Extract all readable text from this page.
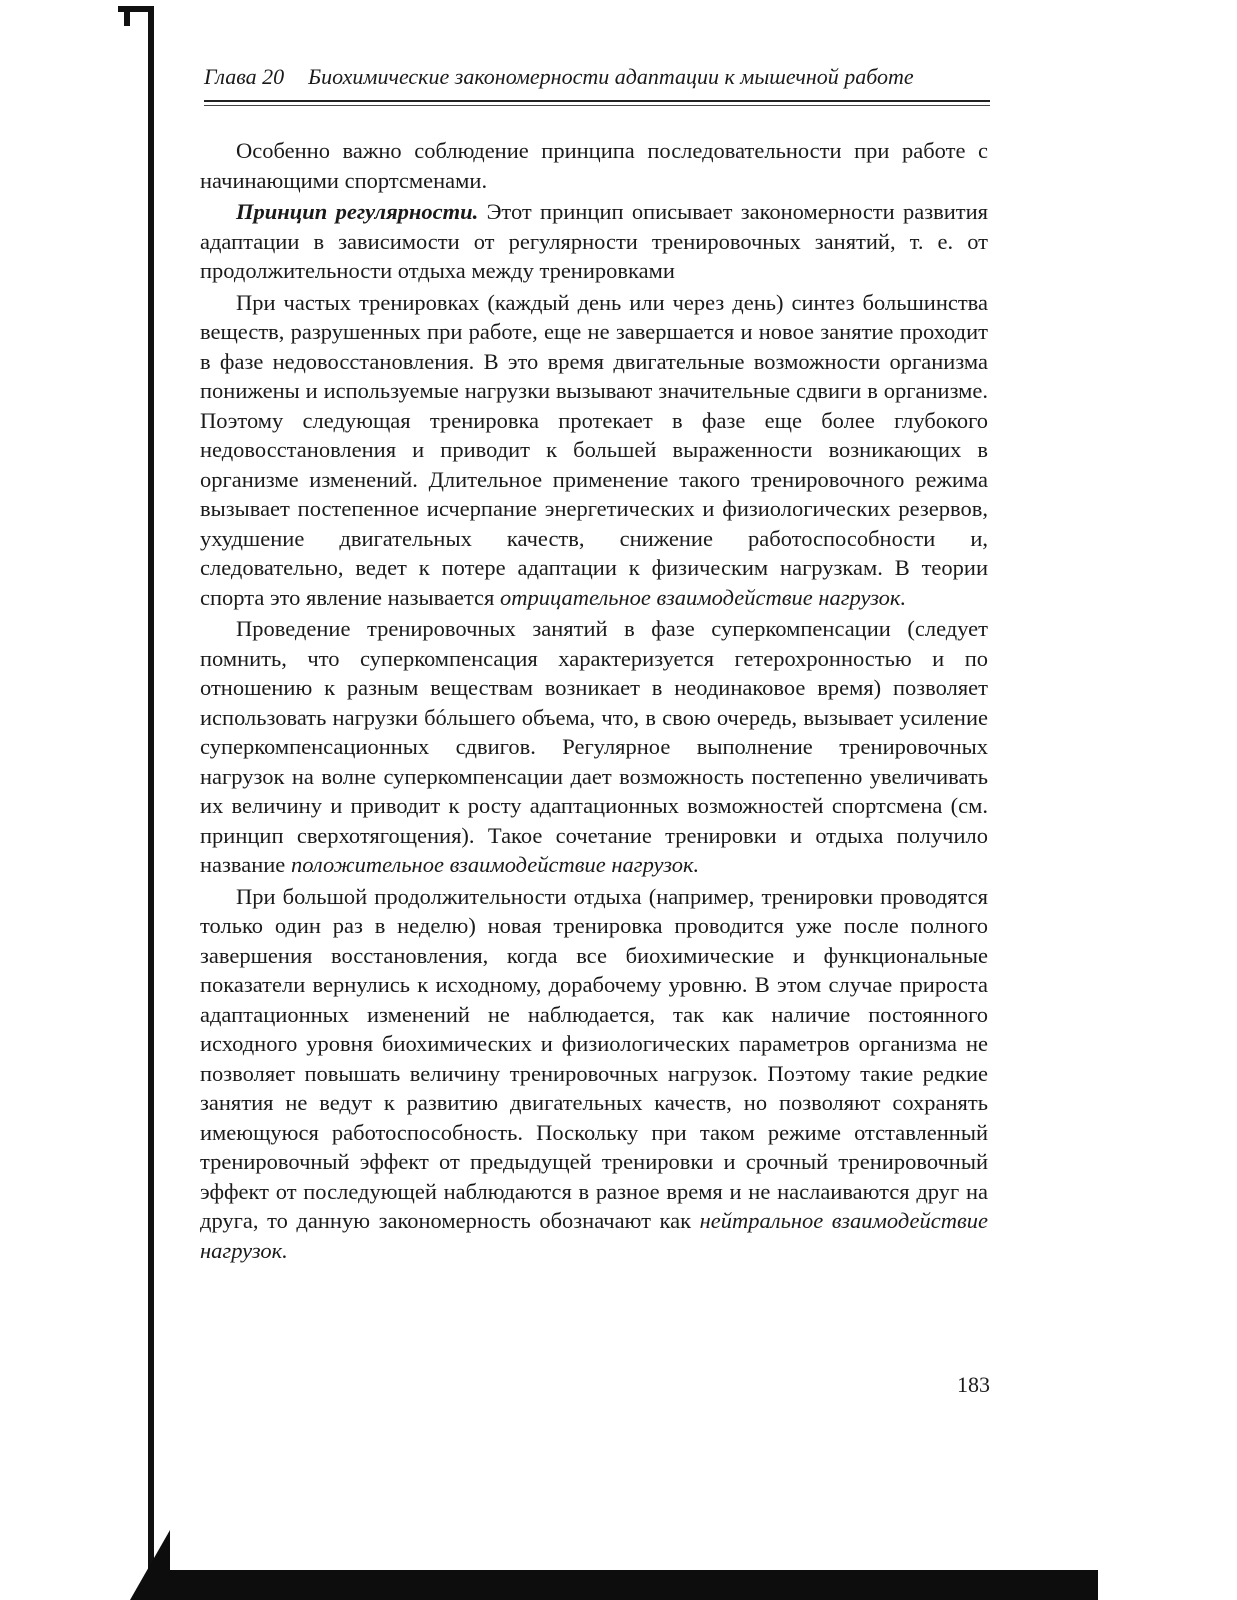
Глава 20 Биохимические закономерности адаптации к мышечной работе

Особенно важно соблюдение принципа последовательности при работе с начинающими спортсменами.

Принцип регулярности. Этот принцип описывает закономерности развития адаптации в зависимости от регулярности тренировочных занятий, т. е. от продолжительности отдыха между тренировками

При частых тренировках (каждый день или через день) синтез большинства веществ, разрушенных при работе, еще не завершается и новое занятие проходит в фазе недовосстановления. В это время двигательные возможности организма понижены и используемые нагрузки вызывают значительные сдвиги в организме. Поэтому следующая тренировка протекает в фазе еще более глубокого недовосстановления и приводит к большей выраженности возникающих в организме изменений. Длительное применение такого тренировочного режима вызывает постепенное исчерпание энергетических и физиологических резервов, ухудшение двигательных качеств, снижение работоспособности и, следовательно, ведет к потере адаптации к физическим нагрузкам. В теории спорта это явление называется отрицательное взаимодействие нагрузок.

Проведение тренировочных занятий в фазе суперкомпенсации (следует помнить, что суперкомпенсация характеризуется гетерохронностью и по отношению к разным веществам возникает в неодинаковое время) позволяет использовать нагрузки бóльшего объема, что, в свою очередь, вызывает усиление суперкомпенсационных сдвигов. Регулярное выполнение тренировочных нагрузок на волне суперкомпенсации дает возможность постепенно увеличивать их величину и приводит к росту адаптационных возможностей спортсмена (см. принцип сверхотягощения). Такое сочетание тренировки и отдыха получило название положительное взаимодействие нагрузок.

При большой продолжительности отдыха (например, тренировки проводятся только один раз в неделю) новая тренировка проводится уже после полного завершения восстановления, когда все биохимические и функциональные показатели вернулись к исходному, дорабочему уровню. В этом случае прироста адаптационных изменений не наблюдается, так как наличие постоянного исходного уровня биохимических и физиологических параметров организма не позволяет повышать величину тренировочных нагрузок. Поэтому такие редкие занятия не ведут к развитию двигательных качеств, но позволяют сохранять имеющуюся работоспособность. Поскольку при таком режиме отставленный тренировочный эффект от предыдущей тренировки и срочный тренировочный эффект от последующей наблюдаются в разное время и не наслаиваются друг на друга, то данную закономерность обозначают как нейтральное взаимодействие нагрузок.

183
